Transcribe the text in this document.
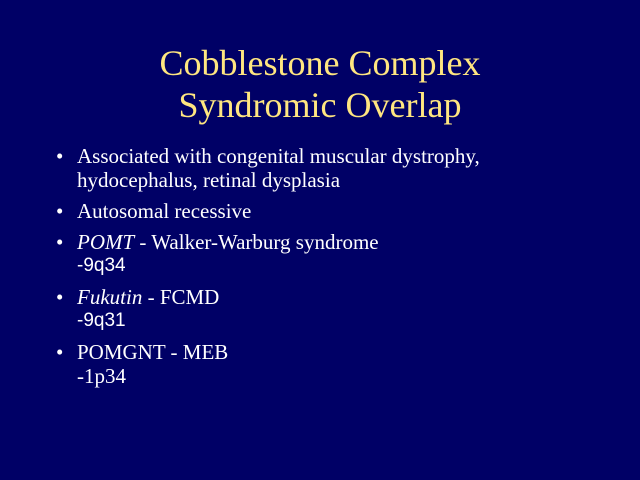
Cobblestone Complex
Syndromic Overlap
• Associated with congenital muscular dystrophy,
hydocephalus, retinal dysplasia
• Autosomal recessive
• POMT - Walker-Warburg syndrome
-9q34
• Fukutin - FCMD
-9q31
• POMGNT - MEB
-1p34
